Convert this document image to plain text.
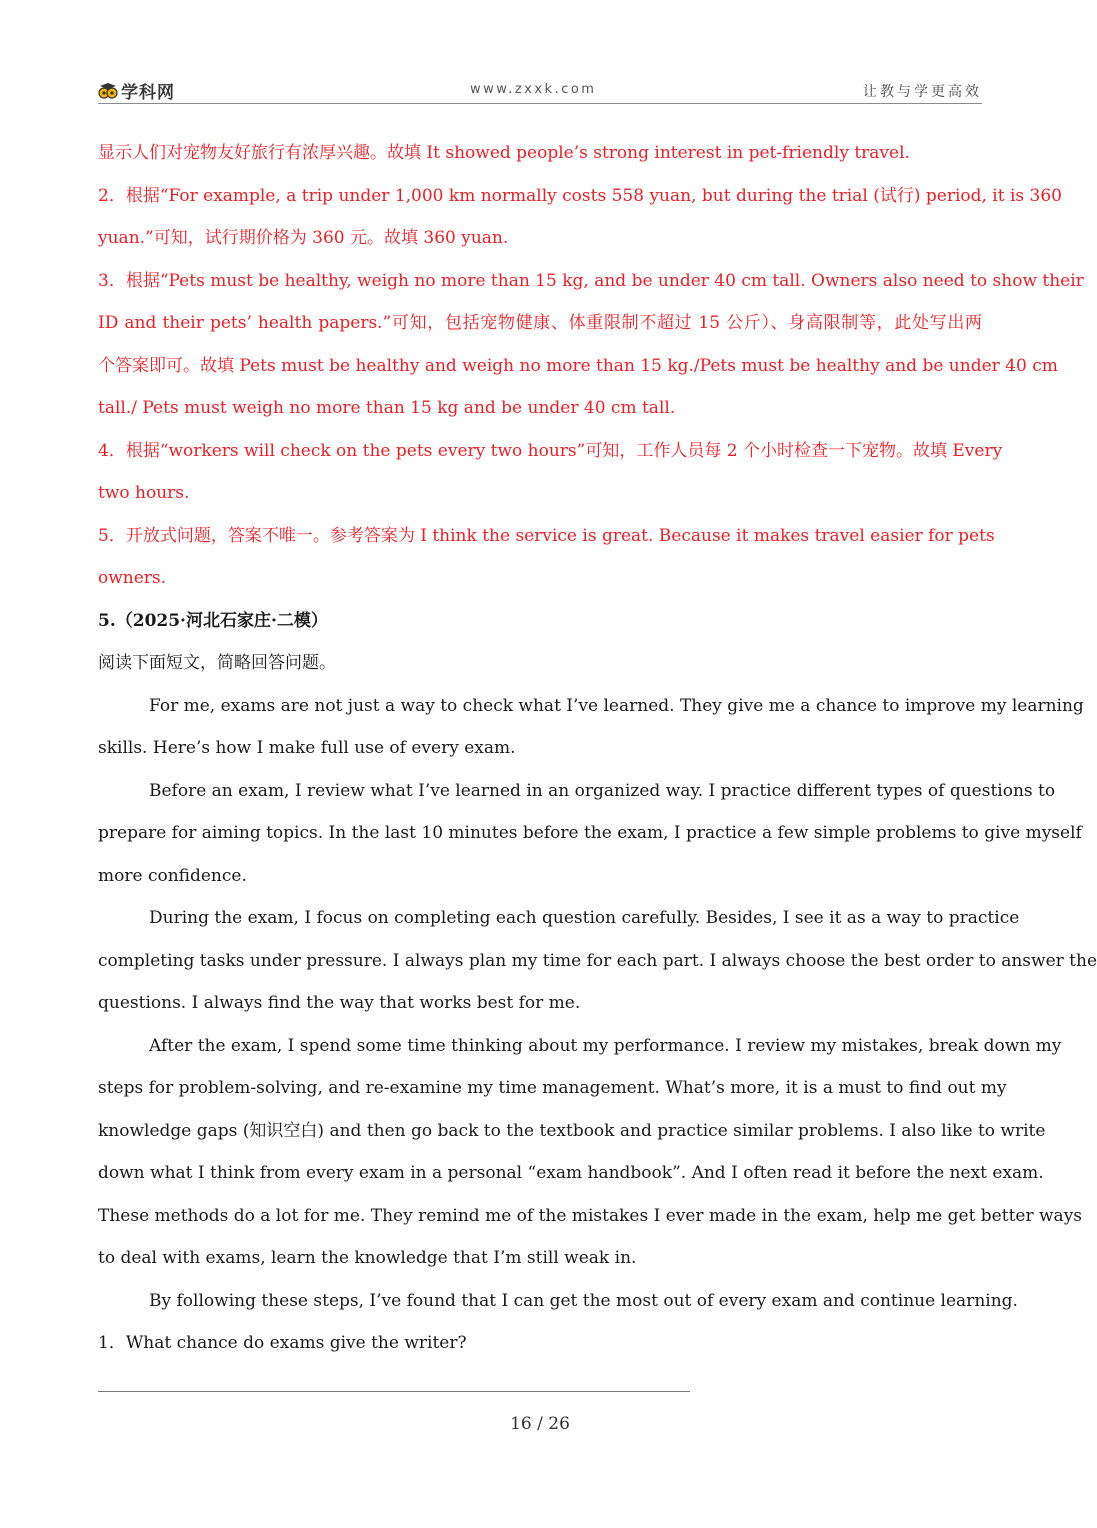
学科网	www.zxxk.com	让教与学更高效
显示人们对宠物友好旅行有浓厚兴趣。故填 It showed people’s strong interest in pet-friendly travel.
2．根据“For example, a trip under 1,000 km normally costs 558 yuan, but during the trial (试行) period, it is 360
yuan.”可知，试行期价格为 360 元。故填 360 yuan.
3．根据“Pets must be healthy, weigh no more than 15 kg, and be under 40 cm tall. Owners also need to show their
ID and their pets’ health papers.”可知，包括宠物健康、体重限制不超过 15 公斤）、身高限制等，此处写出两
个答案即可。故填 Pets must be healthy and weigh no more than 15 kg./Pets must be healthy and be under 40 cm
tall./ Pets must weigh no more than 15 kg and be under 40 cm tall.
4．根据“workers will check on the pets every two hours”可知，工作人员每 2 个小时检查一下宠物。故填 Every
two hours.
5．开放式问题，答案不唯一。参考答案为 I think the service is great. Because it makes travel easier for pets
owners.
5.（2025·河北石家庄·二模）
阅读下面短文，简略回答问题。
For me, exams are not just a way to check what I’ve learned. They give me a chance to improve my learning
skills. Here’s how I make full use of every exam.
Before an exam, I review what I’ve learned in an organized way. I practice different types of questions to
prepare for aiming topics. In the last 10 minutes before the exam, I practice a few simple problems to give myself
more confidence.
During the exam, I focus on completing each question carefully. Besides, I see it as a way to practice
completing tasks under pressure. I always plan my time for each part. I always choose the best order to answer the
questions. I always find the way that works best for me.
After the exam, I spend some time thinking about my performance. I review my mistakes, break down my
steps for problem-solving, and re-examine my time management. What’s more, it is a must to find out my
knowledge gaps (知识空白) and then go back to the textbook and practice similar problems. I also like to write
down what I think from every exam in a personal “exam handbook”. And I often read it before the next exam.
These methods do a lot for me. They remind me of the mistakes I ever made in the exam, help me get better ways
to deal with exams, learn the knowledge that I’m still weak in.
By following these steps, I’ve found that I can get the most out of every exam and continue learning.
1．What chance do exams give the writer?
16 / 26
